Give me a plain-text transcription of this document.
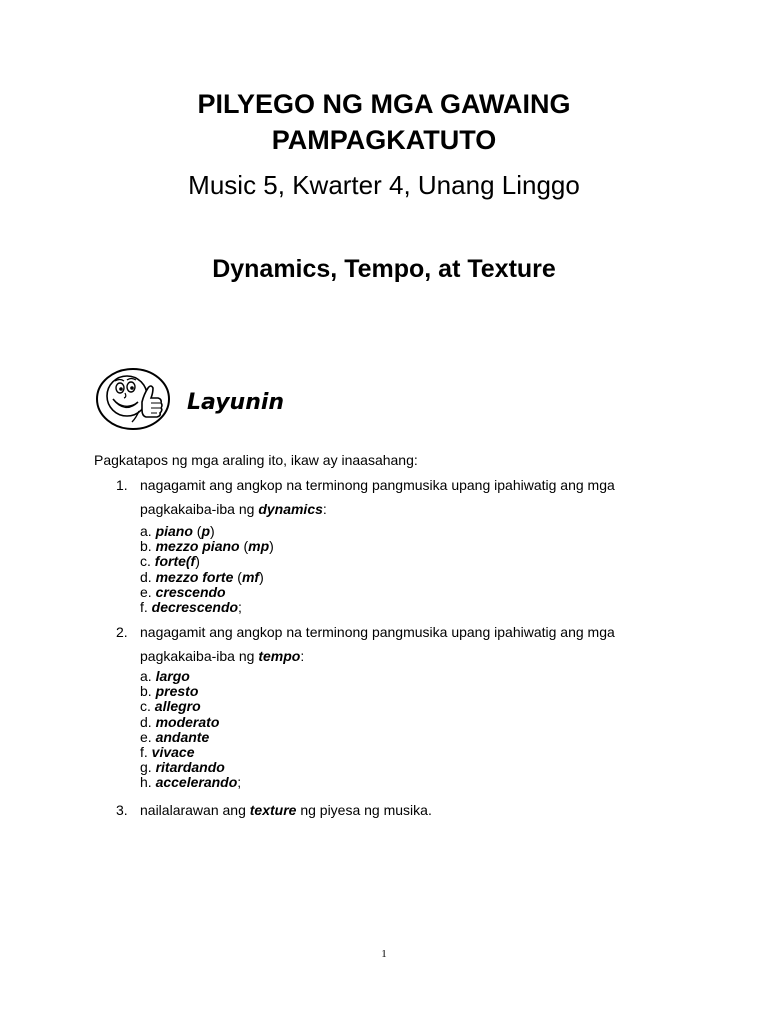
PILYEGO NG MGA GAWAING
PAMPAGKATUTO
Music 5, Kwarter 4, Unang Linggo
Dynamics, Tempo, at Texture
Layunin
Pagkatapos ng mga araling ito, ikaw ay inaasahang:
1. nagagamit ang angkop na terminong pangmusika upang ipahiwatig ang mga
pagkakaiba-iba ng dynamics:
a. piano (p)
b. mezzo piano (mp)
c. forte(f)
d. mezzo forte (mf)
e. crescendo
f. decrescendo;
2. nagagamit ang angkop na terminong pangmusika upang ipahiwatig ang mga
pagkakaiba-iba ng tempo:
a. largo
b. presto
c. allegro
d. moderato
e. andante
f. vivace
g. ritardando
h. accelerando;
3. nailalarawan ang texture ng piyesa ng musika.
1
